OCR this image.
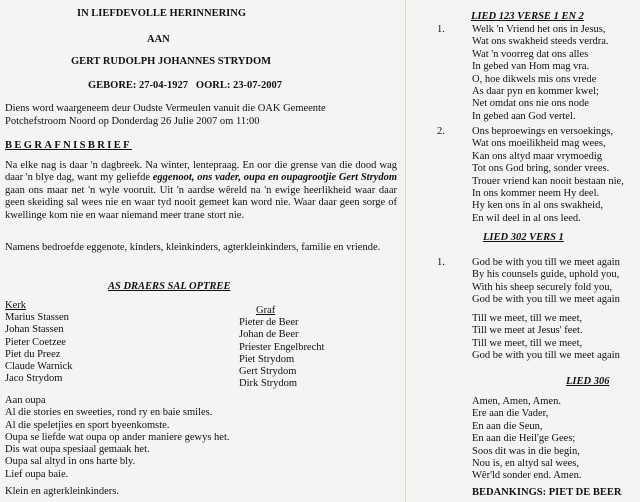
IN LIEFDEVOLLE HERINNERING
AAN
GERT RUDOLPH JOHANNES STRYDOM
GEBORE: 27-04-1927   OORL: 23-07-2007
Diens word waargeneem deur Oudste Vermeulen vanuit die OAK Gemeente
Potchefstroom Noord op Donderdag 26 Julie 2007 om 11:00
BEGRAFNISBRIEF
Na elke nag is daar 'n dagbreek. Na winter, lentepraag. En oor die grense van die dood wag daar 'n blye dag, want my geliefde eggenoot, ons vader, oupa en oupagrootjie Gert Strydom gaan ons maar net 'n wyle vooruit. Uit 'n aardse wêreld na 'n ewige heerlikheid waar daar geen skeiding sal wees nie en waar tyd nooit gemeet kan word nie. Waar daar geen sorge of kwellinge kom nie en waar niemand meer trane stort nie.
Namens bedroefde eggenote, kinders, kleinkinders, agterkleinkinders, familie en vriende.
AS DRAERS SAL OPTREE
Kerk
Marius Stassen
Johan Stassen
Pieter Coetzee
Piet du Preez
Claude Warnick
Jaco Strydom
Graf
Pieter de Beer
Johan de Beer
Priester Engelbrecht
Piet Strydom
Gert Strydom
Dirk Strydom
Aan oupa
Al die stories en sweeties, rond ry en baie smiles.
Al die speletjies en sport byeenkomste.
Oupa se liefde wat oupa op ander maniere gewys het.
Dis wat oupa spesiaal gemaak het.
Oupa sal altyd in ons harte bly.
Lief oupa baie.
Klein en agterkleinkinders.
LIED 123 VERSE 1 EN 2
1.	Welk 'n Vriend het ons in Jesus,
Wat ons swakheid steeds verdra.
Wat 'n voorreg dat ons alles
In gebed van Hom mag vra.
O, hoe dikwels mis ons vrede
As daar pyn en kommer kwel;
Net omdat ons nie ons node
In gebed aan God vertel.
2.	Ons beproewings en versoekings,
Wat ons moeilikheid mag wees,
Kan ons altyd maar vrymoedig
Tot ons God bring, sonder vrees.
Trouer vriend kan nooit bestaan nie,
In ons kommer neem Hy deel.
Hy ken ons in al ons swakheid,
En wil deel in al ons leed.
LIED 302 VERS 1
1.	God be with you till we meet again
By his counsels guide, uphold you,
With his sheep securely fold you,
God be with you till we meet again
Till we meet, till we meet,
Till we meet at Jesus' feet.
Till we meet, till we meet,
God be with you till we meet again
LIED 306
Amen, Amen, Amen.
Ere aan die Vader,
En aan die Seun,
En aan die Heil'ge Gees;
Soos dit was in die begin,
Nou is, en altyd sal wees,
Wêr'ld sonder end. Amen.
BEDANKINGS: PIET DE BEER
